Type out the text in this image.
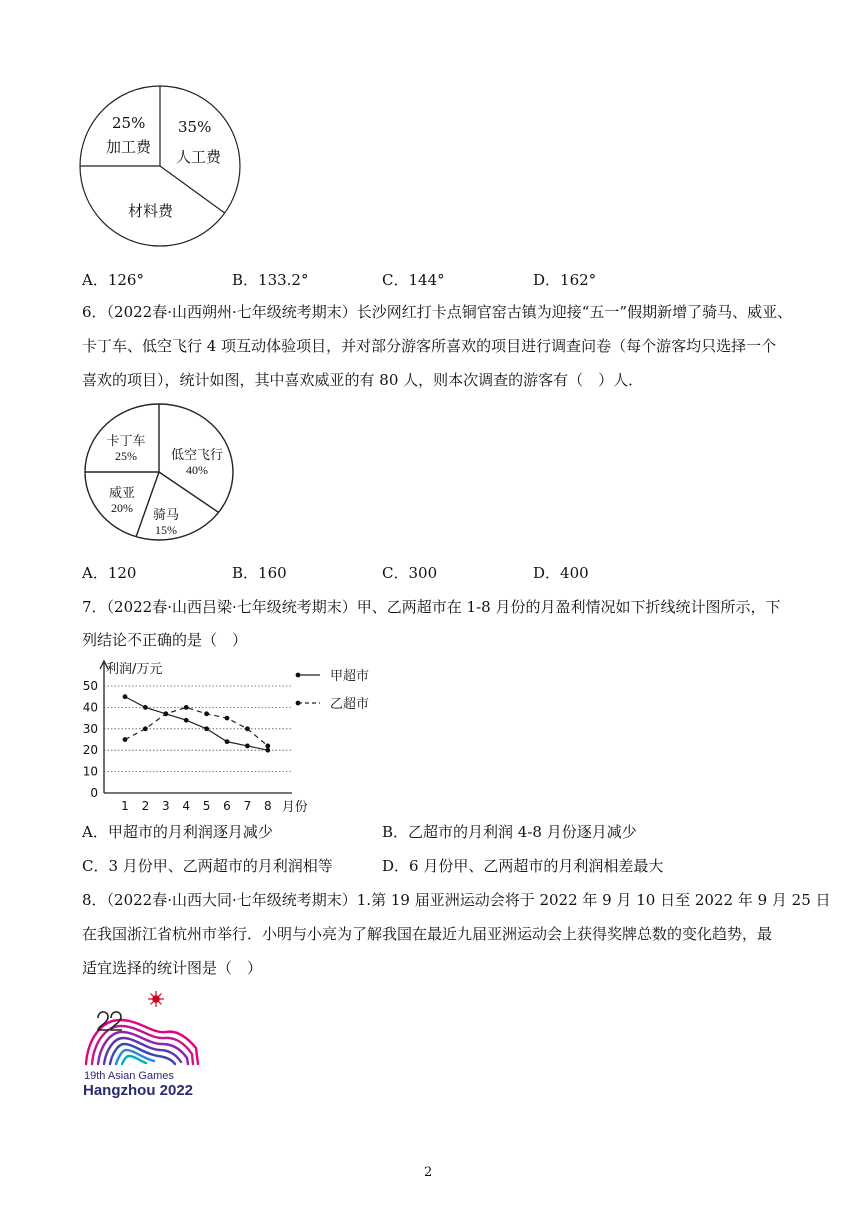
25%
加工费
35%
人工费
材料费
A．126°	B．133.2°	C．144°	D．162°
6．（2022春·山西朔州·七年级统考期末）长沙网红打卡点铜官窑古镇为迎接“五一”假期新增了骑马、威亚、
卡丁车、低空飞行 4 项互动体验项目，并对部分游客所喜欢的项目进行调查问卷（每个游客均只选择一个
喜欢的项目），统计如图，其中喜欢威亚的有 80 人，则本次调查的游客有（　）人．
卡丁车
25%	低空飞行
40%
威亚
20%	骑马
15%
A．120	B．160	C．300	D．400
7．（2022春·山西吕梁·七年级统考期末）甲、乙两超市在 1-8 月份的月盈利情况如下折线统计图所示，下
列结论不正确的是（　）
0
10
20
30
40
50
1 2 3 4 5 6 7 8
利润/万元
月份
甲超市
乙超市
A．甲超市的月利润逐月减少	B．乙超市的月利润 4-8 月份逐月减少
C．3 月份甲、乙两超市的月利润相等	D．6 月份甲、乙两超市的月利润相差最大
8．（2022春·山西大同·七年级统考期末）1.第 19 届亚洲运动会将于 2022 年 9 月 10 日至 2022 年 9 月 25 日
在我国浙江省杭州市举行．小明与小亮为了解我国在最近九届亚洲运动会上获得奖牌总数的变化趋势，最
适宜选择的统计图是（　）
19th Asian Games
Hangzhou 2022
2
